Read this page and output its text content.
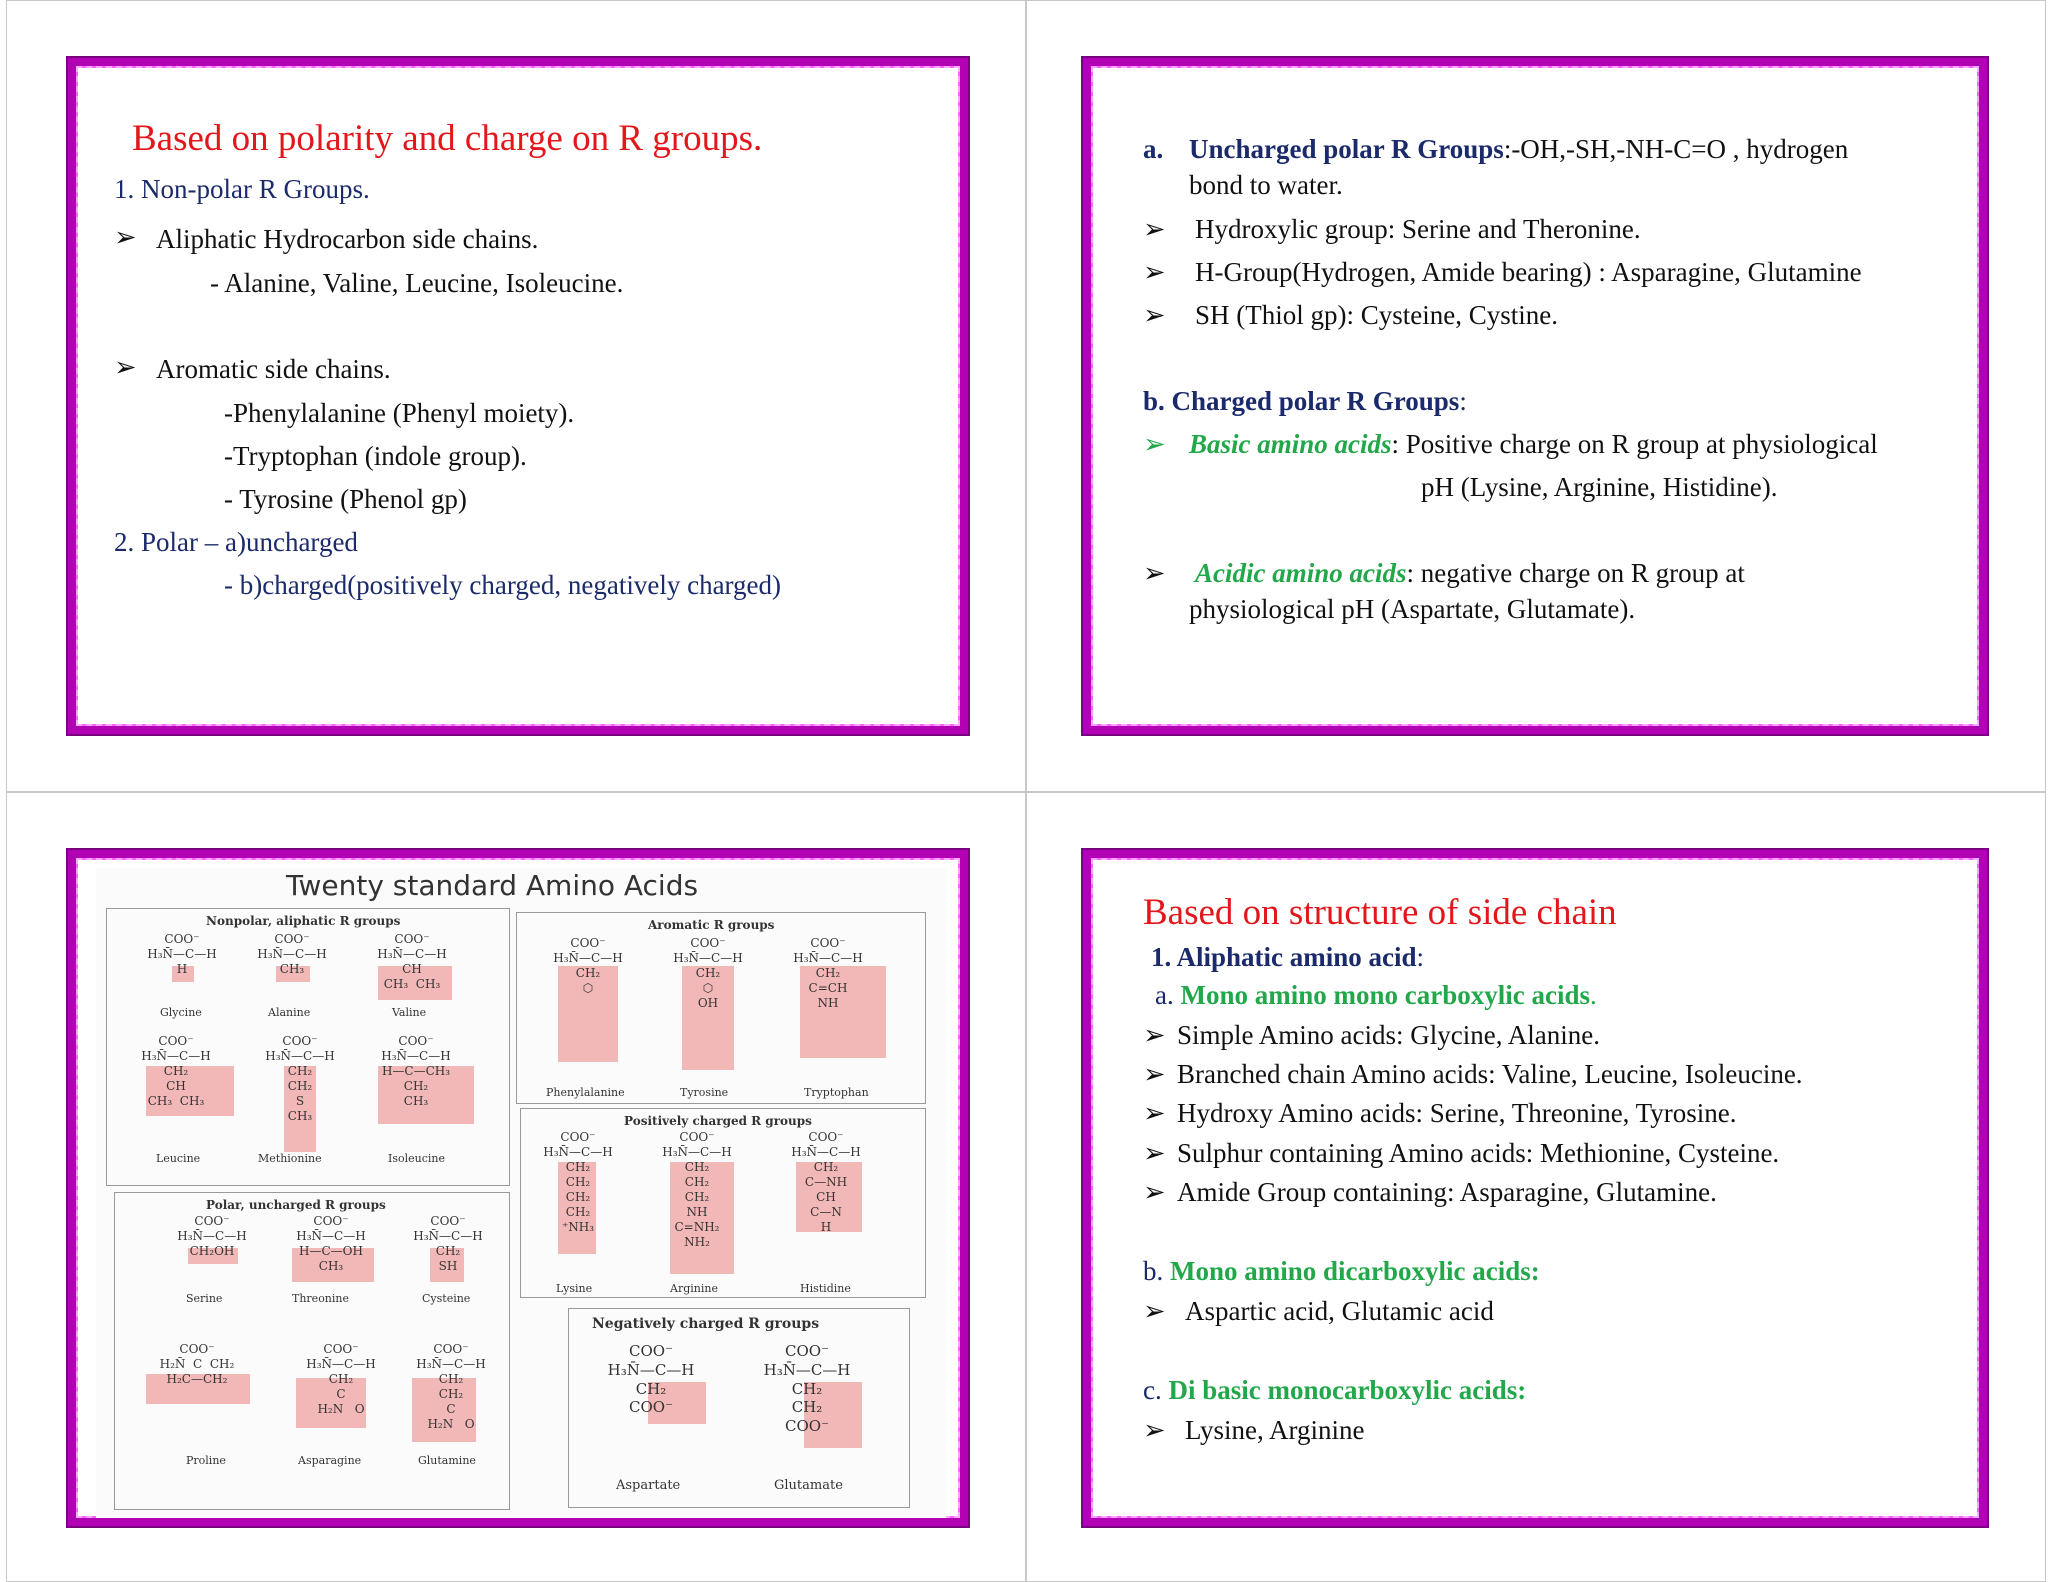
Based on polarity and charge on R groups.
1. Non-polar R Groups.
➢ Aliphatic Hydrocarbon side chains.
- Alanine, Valine, Leucine, Isoleucine.
➢ Aromatic side chains.
-Phenylalanine (Phenyl moiety).
-Tryptophan (indole group).
- Tyrosine (Phenol gp)
2. Polar – a)uncharged
- b)charged(positively charged, negatively charged)
a. Uncharged polar R Groups:-OH,-SH,-NH-C=O , hydrogen
bond to water.
➢ Hydroxylic group: Serine and Theronine.
➢ H-Group(Hydrogen, Amide bearing) : Asparagine, Glutamine
➢ SH (Thiol gp): Cysteine, Cystine.
b. Charged polar R Groups:
➢ Basic amino acids: Positive charge on R group at physiological
pH (Lysine, Arginine, Histidine).
➢ Acidic amino acids: negative charge on R group at
physiological pH (Aspartate, Glutamate).
Twenty standard Amino Acids
Nonpolar, aliphatic R groups
COO⁻
H₃N̄—C—H
H
Glycine
COO⁻
H₃N̄—C—H
CH₃
Alanine
COO⁻
H₃N̄—C—H
CH
CH₃  CH₃
Valine
COO⁻
H₃N̄—C—H
CH₂
CH
CH₃  CH₃
Leucine
COO⁻
H₃N̄—C—H
CH₂
CH₂
S
CH₃
Methionine
COO⁻
H₃N̄—C—H
H—C—CH₃
CH₂
CH₃
Isoleucine
Aromatic R groups
COO⁻
H₃N̄—C—H
CH₂
⬡
Phenylalanine
COO⁻
H₃N̄—C—H
CH₂
⬡
OH
Tyrosine
COO⁻
H₃N̄—C—H
CH₂
C=CH
NH
Tryptophan
Polar, uncharged R groups
COO⁻
H₃N̄—C—H
CH₂OH
Serine
COO⁻
H₃N̄—C—H
H—C—OH
CH₃
Threonine
COO⁻
H₃N̄—C—H
CH₂
SH
Cysteine
COO⁻
H₂N̄  C  CH₂
H₂C—CH₂
Proline
COO⁻
H₃N̄—C—H
CH₂
C
H₂N   O
Asparagine
COO⁻
H₃N̄—C—H
CH₂
CH₂
C
H₂N   O
Glutamine
Positively charged R groups
COO⁻
H₃N̄—C—H
CH₂
CH₂
CH₂
CH₂
⁺NH₃
Lysine
COO⁻
H₃N̄—C—H
CH₂
CH₂
CH₂
NH
C=NH₂
NH₂
Arginine
COO⁻
H₃N̄—C—H
CH₂
C—NH
CH
C—N
H
Histidine
Negatively charged R groups
COO⁻
H₃N̄—C—H
CH₂
COO⁻
Aspartate
COO⁻
H₃N̄—C—H
CH₂
CH₂
COO⁻
Glutamate
Based on structure of side chain
1. Aliphatic amino acid:
a. Mono amino mono carboxylic acids.
➢ Simple Amino acids: Glycine, Alanine.
➢ Branched chain Amino acids: Valine, Leucine, Isoleucine.
➢ Hydroxy Amino acids: Serine, Threonine, Tyrosine.
➢ Sulphur containing Amino acids: Methionine, Cysteine.
➢ Amide Group containing: Asparagine, Glutamine.
b. Mono amino dicarboxylic acids:
➢ Aspartic acid, Glutamic acid
c. Di basic monocarboxylic acids:
➢ Lysine, Arginine
